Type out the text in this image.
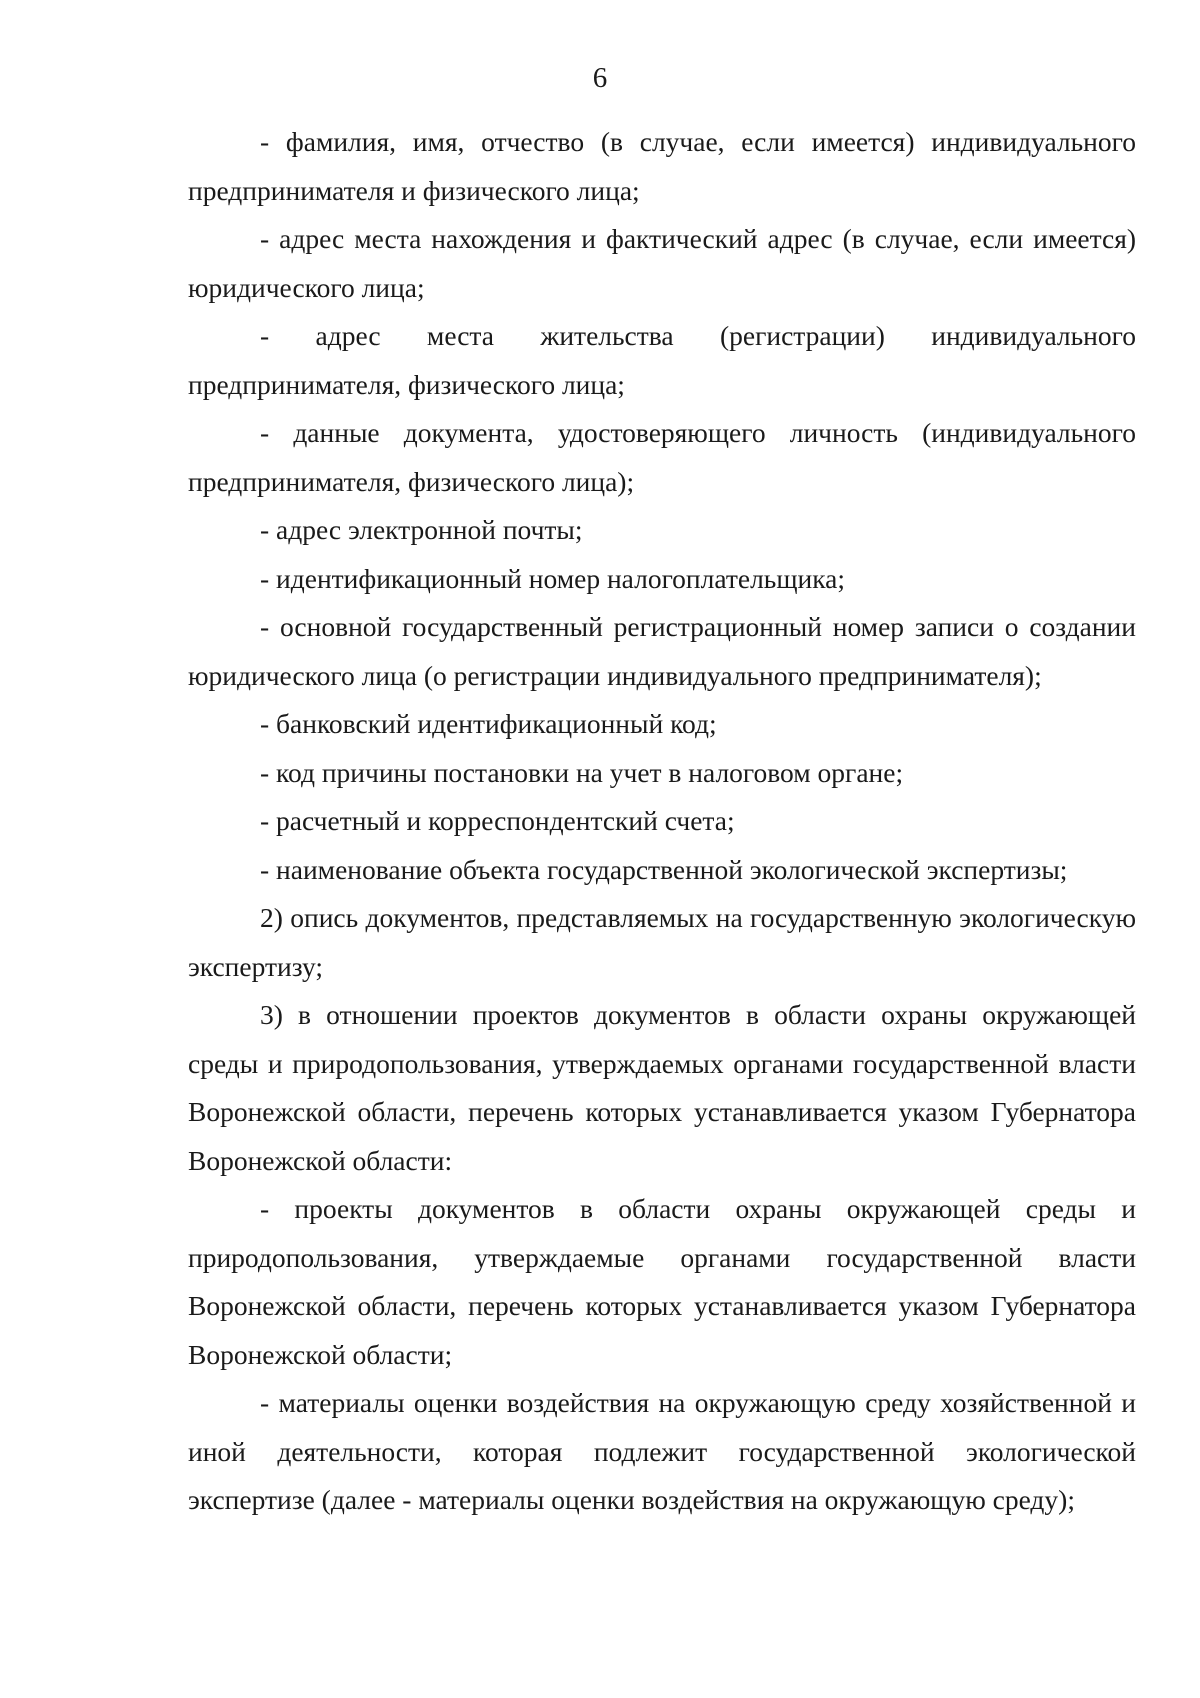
6

- фамилия, имя, отчество (в случае, если имеется) индивидуального предпринимателя и физического лица;

- адрес места нахождения и фактический адрес (в случае, если имеется) юридического лица;

- адрес места жительства (регистрации) индивидуального предпринимателя, физического лица;

- данные документа, удостоверяющего личность (индивидуального предпринимателя, физического лица);

- адрес электронной почты;

- идентификационный номер налогоплательщика;

- основной государственный регистрационный номер записи о создании юридического лица (о регистрации индивидуального предпринимателя);

- банковский идентификационный код;

- код причины постановки на учет в налоговом органе;

- расчетный и корреспондентский счета;

- наименование объекта государственной экологической экспертизы;

2) опись документов, представляемых на государственную экологическую экспертизу;

3) в отношении проектов документов в области охраны окружающей среды и природопользования, утверждаемых органами государственной власти Воронежской области, перечень которых устанавливается указом Губернатора Воронежской области:

- проекты документов в области охраны окружающей среды и природопользования, утверждаемые органами государственной власти Воронежской области, перечень которых устанавливается указом Губернатора Воронежской области;

- материалы оценки воздействия на окружающую среду хозяйственной и иной деятельности, которая подлежит государственной экологической экспертизе (далее - материалы оценки воздействия на окружающую среду);
